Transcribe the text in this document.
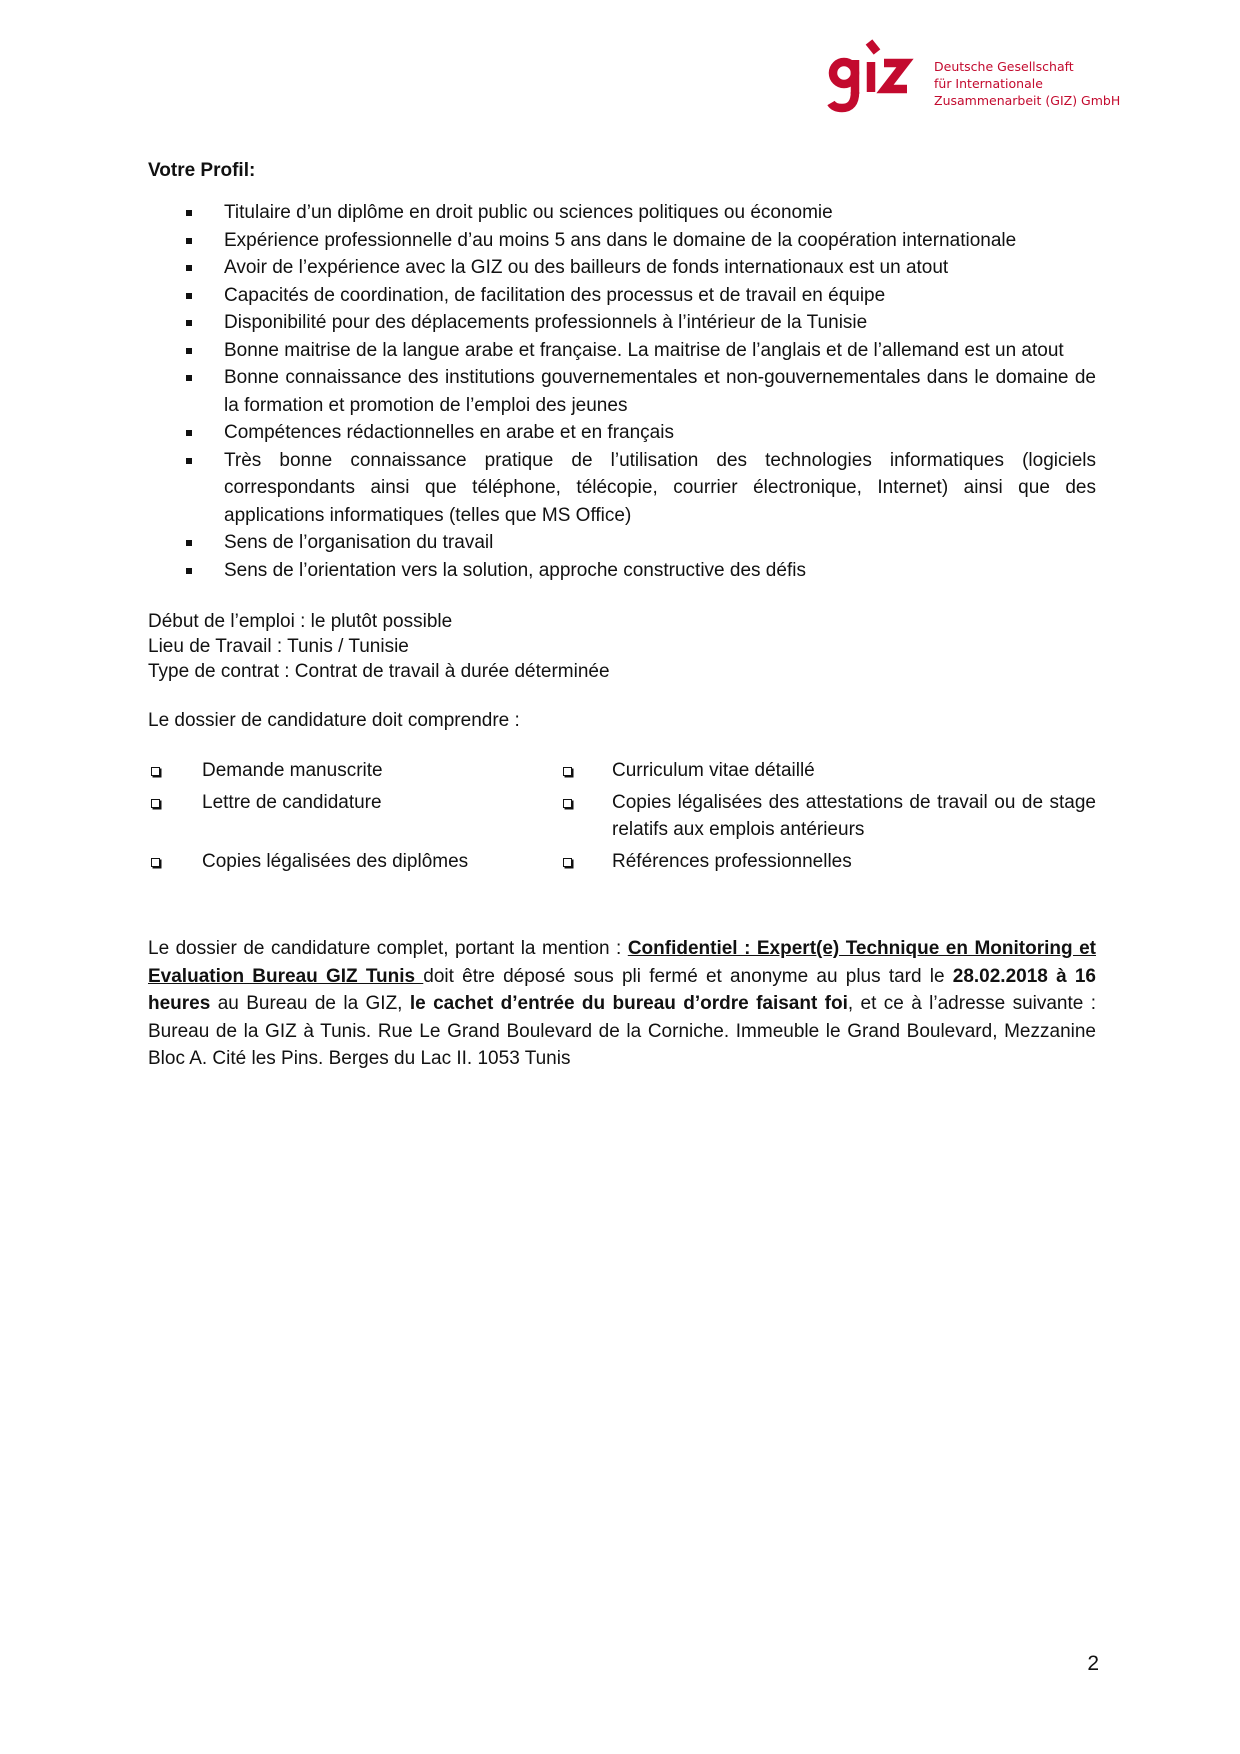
Deutsche Gesellschaft
für Internationale
Zusammenarbeit (GIZ) GmbH
Votre Profil:
Titulaire d’un diplôme en droit public ou sciences politiques ou économie
Expérience professionnelle d’au moins 5 ans dans le domaine de la coopération internationale
Avoir de l’expérience avec la GIZ ou des bailleurs de fonds internationaux est un atout
Capacités de coordination, de facilitation des processus et de travail en équipe
Disponibilité pour des déplacements professionnels à l’intérieur de la Tunisie
Bonne maitrise de la langue arabe et française. La maitrise de l’anglais et de l’allemand est un atout
Bonne connaissance des institutions gouvernementales et non-gouvernementales dans le domaine de la formation et promotion de l’emploi des jeunes
Compétences rédactionnelles en arabe et en français
Très bonne connaissance pratique de l’utilisation des technologies informatiques (logiciels correspondants ainsi que téléphone, télécopie, courrier électronique, Internet) ainsi que des applications informatiques (telles que MS Office)
Sens de l’organisation du travail
Sens de l’orientation vers la solution, approche constructive des défis
Début de l’emploi : le plutôt possible
Lieu de Travail : Tunis / Tunisie
Type de contrat : Contrat de travail à durée déterminée
Le dossier de candidature doit comprendre :
Demande manuscrite	Curriculum vitae détaillé
Lettre de candidature	Copies légalisées des attestations de travail ou de stage relatifs aux emplois antérieurs
Copies légalisées des diplômes	Références professionnelles
Le dossier de candidature complet, portant la mention : Confidentiel : Expert(e) Technique en Monitoring et Evaluation Bureau GIZ Tunis doit être déposé sous pli fermé et anonyme au plus tard le 28.02.2018 à 16 heures au Bureau de la GIZ, le cachet d’entrée du bureau d’ordre faisant foi, et ce à l’adresse suivante : Bureau de la GIZ à Tunis. Rue Le Grand Boulevard de la Corniche. Immeuble le Grand Boulevard, Mezzanine Bloc A. Cité les Pins. Berges du Lac II. 1053 Tunis
2
